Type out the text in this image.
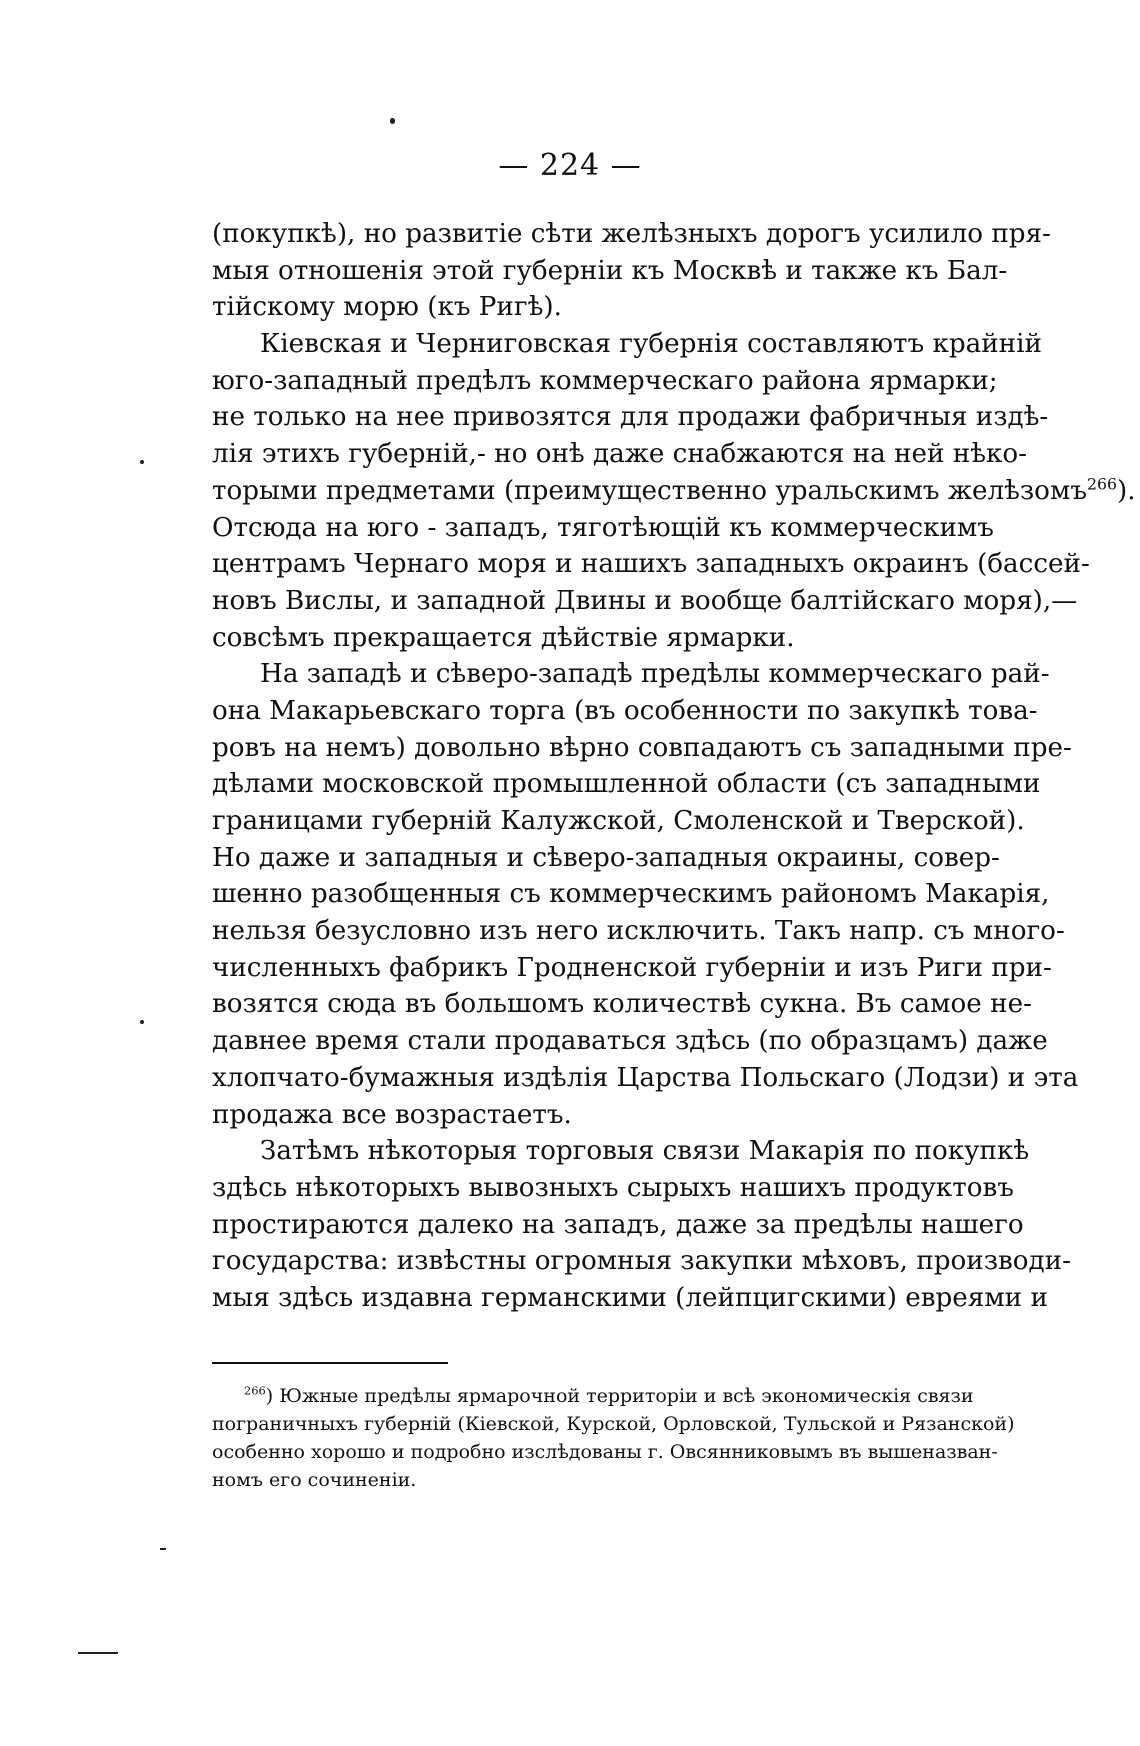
— 224 —
(покупкѣ), но развитіе сѣти желѣзныхъ дорогъ усилило пря-
мыя отношенія этой губерніи къ Москвѣ и также къ Бал-
тійскому морю (къ Ригѣ).
Кіевская и Черниговская губернія составляютъ крайній
юго-западный предѣлъ коммерческаго района ярмарки;
не только на нее привозятся для продажи фабричныя издѣ-
лія этихъ губерній,- но онѣ даже снабжаются на ней нѣко-
торыми предметами (преимущественно уральскимъ желѣзомъ$^{266}$).
Отсюда на юго - западъ, тяготѣющій къ коммерческимъ
центрамъ Чернаго моря и нашихъ западныхъ окраинъ (бассей-
новъ Вислы, и западной Двины и вообще балтійскаго моря),—
совсѣмъ прекращается дѣйствіе ярмарки.
На западѣ и сѣверо-западѣ предѣлы коммерческаго рай-
она Макарьевскаго торга (въ особенности по закупкѣ това-
ровъ на немъ) довольно вѣрно совпадаютъ съ западными пре-
дѣлами московской промышленной области (съ западными
границами губерній Калужской, Смоленской и Тверской).
Но даже и западныя и сѣверо-западныя окраины, совер-
шенно разобщенныя съ коммерческимъ райономъ Макарія,
нельзя безусловно изъ него исключить. Такъ напр. съ много-
численныхъ фабрикъ Гродненской губерніи и изъ Риги при-
возятся сюда въ большомъ количествѣ сукна. Въ самое не-
давнее время стали продаваться здѣсь (по образцамъ) даже
хлопчато-бумажныя издѣлія Царства Польскаго (Лодзи) и эта
продажа все возрастаетъ.
Затѣмъ нѣкоторыя торговыя связи Макарія по покупкѣ
здѣсь нѣкоторыхъ вывозныхъ сырыхъ нашихъ продуктовъ
простираются далеко на западъ, даже за предѣлы нашего
государства: извѣстны огромныя закупки мѣховъ, производи-
мыя здѣсь издавна германскими (лейпцигскими) евреями и
$^{266}$) Южные предѣлы ярмарочной территоріи и всѣ экономическія связи
пограничныхъ губерній (Кіевской, Курской, Орловской, Тульской и Рязанской)
особенно хорошо и подробно изслѣдованы г. Овсянниковымъ въ вышеназван-
номъ его сочиненіи.
